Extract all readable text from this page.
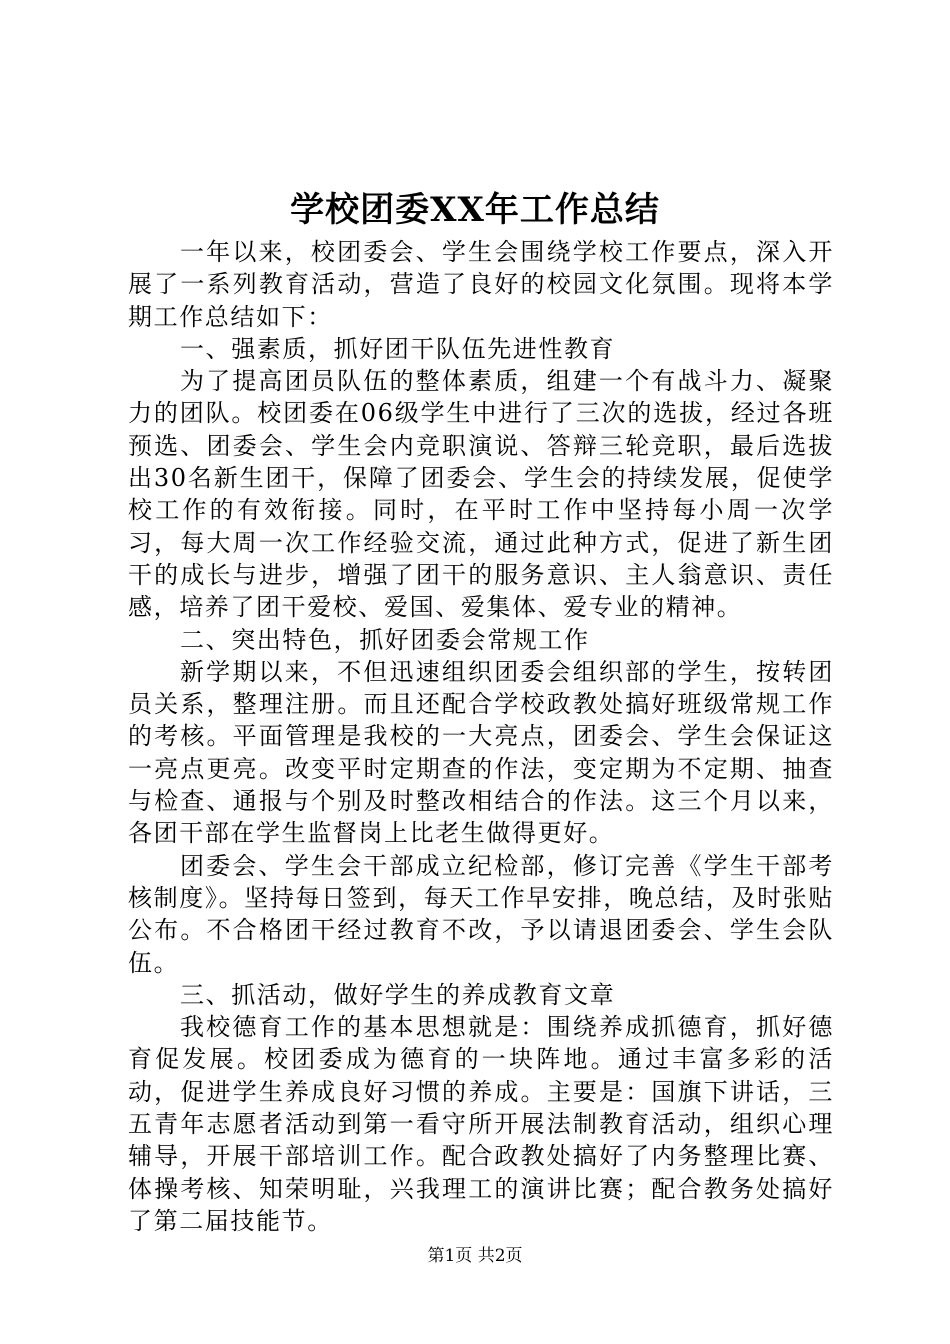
学校团委XX年工作总结

一年以来，校团委会、学生会围绕学校工作要点，深入开展了一系列教育活动，营造了良好的校园文化氛围。现将本学期工作总结如下：

一、强素质，抓好团干队伍先进性教育

为了提高团员队伍的整体素质，组建一个有战斗力、凝聚力的团队。校团委在06级学生中进行了三次的选拔，经过各班预选、团委会、学生会内竞职演说、答辩三轮竞职，最后选拔出30名新生团干，保障了团委会、学生会的持续发展，促使学校工作的有效衔接。同时，在平时工作中坚持每小周一次学习，每大周一次工作经验交流，通过此种方式，促进了新生团干的成长与进步，增强了团干的服务意识、主人翁意识、责任感，培养了团干爱校、爱国、爱集体、爱专业的精神。

二、突出特色，抓好团委会常规工作

新学期以来，不但迅速组织团委会组织部的学生，按转团员关系，整理注册。而且还配合学校政教处搞好班级常规工作的考核。平面管理是我校的一大亮点，团委会、学生会保证这一亮点更亮。改变平时定期查的作法，变定期为不定期、抽查与检查、通报与个别及时整改相结合的作法。这三个月以来，各团干部在学生监督岗上比老生做得更好。

团委会、学生会干部成立纪检部，修订完善《学生干部考核制度》。坚持每日签到，每天工作早安排，晚总结，及时张贴公布。不合格团干经过教育不改，予以请退团委会、学生会队伍。

三、抓活动，做好学生的养成教育文章

我校德育工作的基本思想就是：围绕养成抓德育，抓好德育促发展。校团委成为德育的一块阵地。通过丰富多彩的活动，促进学生养成良好习惯的养成。主要是：国旗下讲话，三五青年志愿者活动到第一看守所开展法制教育活动，组织心理辅导，开展干部培训工作。配合政教处搞好了内务整理比赛、体操考核、知荣明耻，兴我理工的演讲比赛；配合教务处搞好了第二届技能节。

第1页 共2页
